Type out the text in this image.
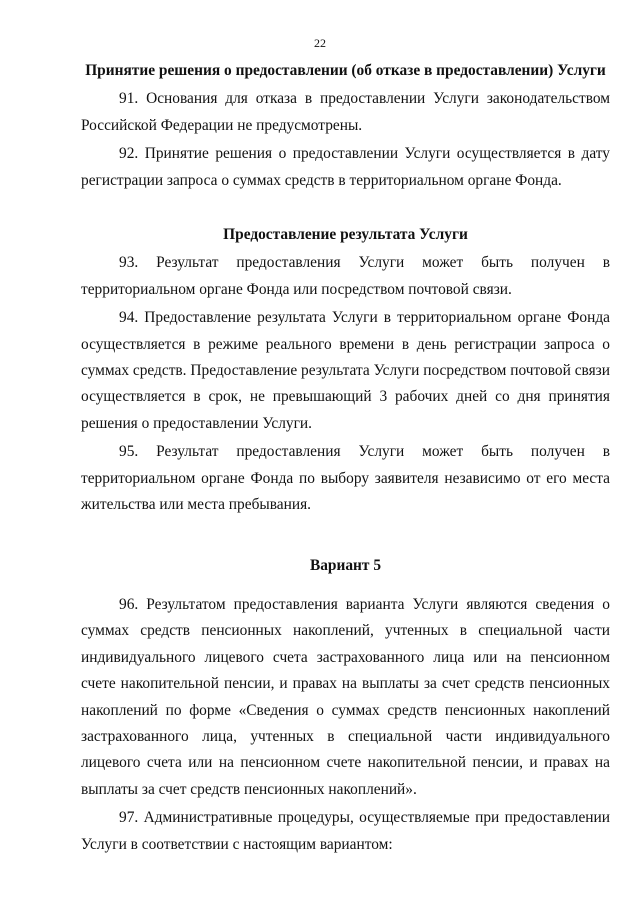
22
Принятие решения о предоставлении (об отказе в предоставлении) Услуги

91. Основания для отказа в предоставлении Услуги законодательством Российской Федерации не предусмотрены.

92. Принятие решения о предоставлении Услуги осуществляется в дату регистрации запроса о суммах средств в территориальном органе Фонда.

Предоставление результата Услуги

93. Результат предоставления Услуги может быть получен в территориальном органе Фонда или посредством почтовой связи.

94. Предоставление результата Услуги в территориальном органе Фонда осуществляется в режиме реального времени в день регистрации запроса о суммах средств. Предоставление результата Услуги посредством почтовой связи осуществляется в срок, не превышающий 3 рабочих дней со дня принятия решения о предоставлении Услуги.

95. Результат предоставления Услуги может быть получен в территориальном органе Фонда по выбору заявителя независимо от его места жительства или места пребывания.

Вариант 5

96. Результатом предоставления варианта Услуги являются сведения о суммах средств пенсионных накоплений, учтенных в специальной части индивидуального лицевого счета застрахованного лица или на пенсионном счете накопительной пенсии, и правах на выплаты за счет средств пенсионных накоплений по форме «Сведения о суммах средств пенсионных накоплений застрахованного лица, учтенных в специальной части индивидуального лицевого счета или на пенсионном счете накопительной пенсии, и правах на выплаты за счет средств пенсионных накоплений».

97. Административные процедуры, осуществляемые при предоставлении Услуги в соответствии с настоящим вариантом:
